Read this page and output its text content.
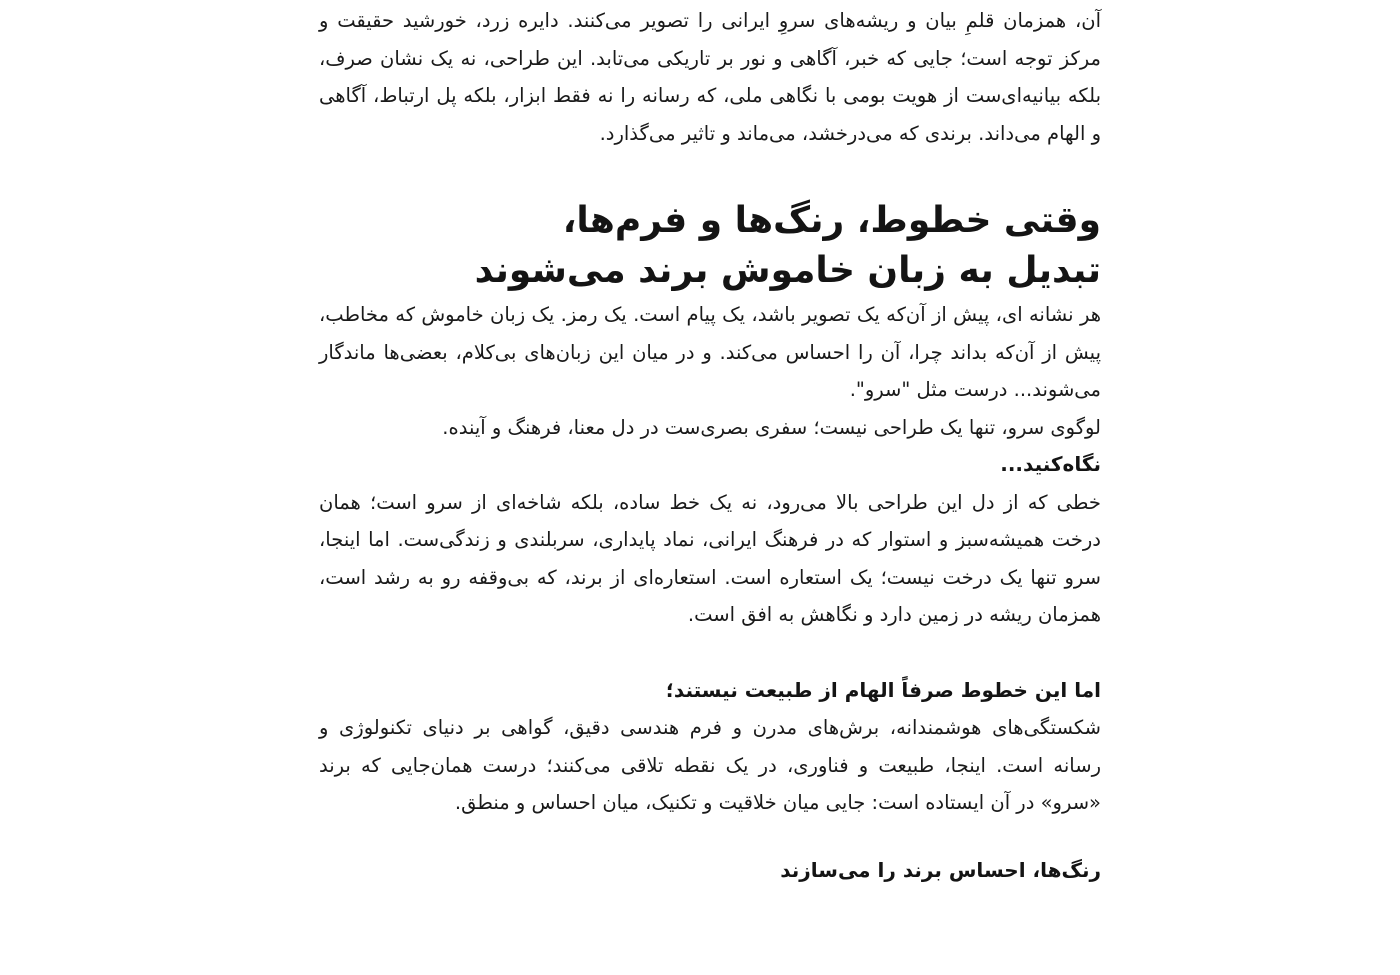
آن، همزمان قلمِ بیان و ریشه‌های سروِ ایرانی را تصویر می‌کنند. دایره زرد، خورشید حقیقت و مرکز توجه است؛ جایی که خبر، آگاهی و نور بر تاریکی می‌تابد. این طراحی، نه یک نشان صرف، بلکه بیانیه‌ای‌ست از هویت بومی با نگاهی ملی، که رسانه را نه فقط ابزار، بلکه پل ارتباط، آگاهی و الهام می‌داند. برندی که می‌درخشد، می‌ماند و تاثیر می‌گذارد.

وقتی خطوط، رنگ‌ها و فرم‌ها،
تبدیل به زبان خاموش برند می‌شوند

هر نشانه ای، پیش از آن‌که یک تصویر باشد، یک پیام است. یک رمز. یک زبان خاموش که مخاطب، پیش از آن‌که بداند چرا، آن را احساس می‌کند. و در میان این زبان‌های بی‌کلام، بعضی‌ها ماندگار می‌شوند... درست مثل "سرو".

لوگوی سرو، تنها یک طراحی نیست؛ سفری بصری‌ست در دل معنا، فرهنگ و آینده.

نگاه‌کنید...

خطی که از دل این طراحی بالا می‌رود، نه یک خط ساده، بلکه شاخه‌ای از سرو است؛ همان درخت همیشه‌سبز و استوار که در فرهنگ ایرانی، نماد پایداری، سربلندی و زندگی‌ست. اما اینجا، سرو تنها یک درخت نیست؛ یک استعاره است. استعاره‌ای از برند، که بی‌وقفه رو به رشد است، همزمان ریشه در زمین دارد و نگاهش به افق است.

اما این خطوط صرفاً الهام از طبیعت نیستند؛

شکستگی‌های هوشمندانه، برش‌های مدرن و فرم هندسی دقیق، گواهی بر دنیای تکنولوژی و رسانه است. اینجا، طبیعت و فناوری، در یک نقطه تلاقی می‌کنند؛ درست همان‌جایی که برند «سرو» در آن ایستاده است: جایی میان خلاقیت و تکنیک، میان احساس و منطق.

رنگ‌ها، احساس برند را می‌سازند
